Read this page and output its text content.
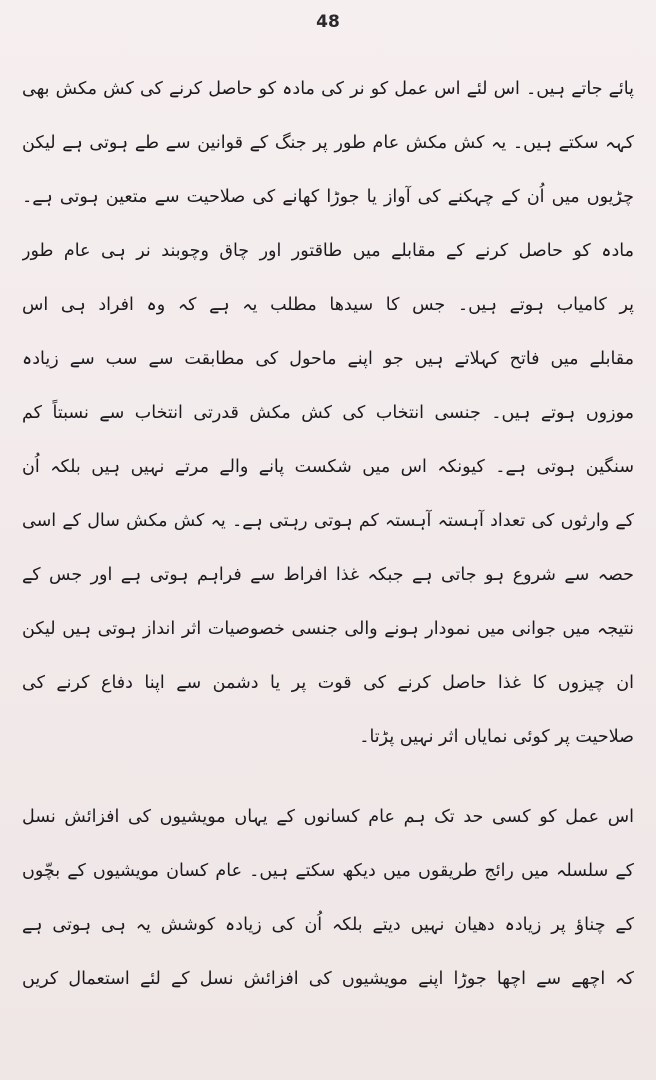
48
پائے جاتے ہیں۔ اس لئے اس عمل کو نر کی مادہ کو حاصل کرنے کی کش مکش بھی
کہہ سکتے ہیں۔ یہ کش مکش عام طور پر جنگ کے قوانین سے طے ہوتی ہے لیکن
چڑیوں میں اُن کے چہکنے کی آواز یا جوڑا کھانے کی صلاحیت سے متعین ہوتی ہے۔
مادہ کو حاصل کرنے کے مقابلے میں طاقتور اور چاق وچوبند نر ہی عام طور
پر کامیاب ہوتے ہیں۔ جس کا سیدھا مطلب یہ ہے کہ وہ افراد ہی اس
مقابلے میں فاتح کہلاتے ہیں جو اپنے ماحول کی مطابقت سے سب سے زیادہ
موزوں ہوتے ہیں۔ جنسی انتخاب کی کش مکش قدرتی انتخاب سے نسبتاً کم
سنگین ہوتی ہے۔ کیونکہ اس میں شکست پانے والے مرتے نہیں ہیں بلکہ اُن
کے وارثوں کی تعداد آہستہ آہستہ کم ہوتی رہتی ہے۔ یہ کش مکش سال کے اسی
حصہ سے شروع ہو جاتی ہے جبکہ غذا افراط سے فراہم ہوتی ہے اور جس کے
نتیجہ میں جوانی میں نمودار ہونے والی جنسی خصوصیات اثر انداز ہوتی ہیں لیکن
ان چیزوں کا غذا حاصل کرنے کی قوت پر یا دشمن سے اپنا دفاع کرنے کی
صلاحیت پر کوئی نمایاں اثر نہیں پڑتا۔
اس عمل کو کسی حد تک ہم عام کسانوں کے یہاں مویشیوں کی افزائش نسل
کے سلسلہ میں رائج طریقوں میں دیکھ سکتے ہیں۔ عام کسان مویشیوں کے بچّوں
کے چناؤ پر زیادہ دھیان نہیں دیتے بلکہ اُن کی زیادہ کوشش یہ ہی ہوتی ہے
کہ اچھے سے اچھا جوڑا اپنے مویشیوں کی افزائش نسل کے لئے استعمال کریں
